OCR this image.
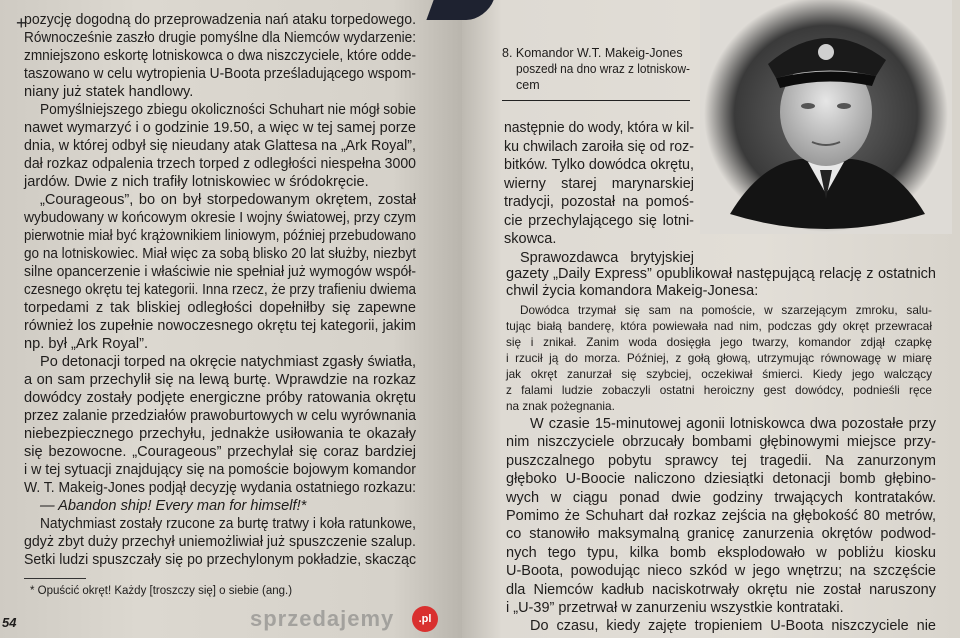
+
pozycję dogodną do przeprowadzenia nań ataku torpedowego.
Równocześnie zaszło drugie pomyślne dla Niemców wydarzenie:
zmniejszono eskortę lotniskowca o dwa niszczyciele, które odde-
taszowano w celu wytropienia U-Boota prześladującego wspom-
niany już statek handlowy.
Pomyślniejszego zbiegu okoliczności Schuhart nie mógł sobie
nawet wymarzyć i o godzinie 19.50, a więc w tej samej porze
dnia, w której odbył się nieudany atak Glattesa na „Ark Royal”,
dał rozkaz odpalenia trzech torped z odległości niespełna 3000
jardów. Dwie z nich trafiły lotniskowiec w śródokręcie.
„Courageous”, bo on był storpedowanym okrętem, został
wybudowany w końcowym okresie I wojny światowej, przy czym
pierwotnie miał być krążownikiem liniowym, później przebudowano
go na lotniskowiec. Miał więc za sobą blisko 20 lat służby, niezbyt
silne opancerzenie i właściwie nie spełniał już wymogów współ-
czesnego okrętu tej kategorii. Inna rzecz, że przy trafieniu dwiema
torpedami z tak bliskiej odległości dopełniłby się zapewne
również los zupełnie nowoczesnego okrętu tej kategorii, jakim
np. był „Ark Royal”.
Po detonacji torped na okręcie natychmiast zgasły światła,
a on sam przechylił się na lewą burtę. Wprawdzie na rozkaz
dowódcy zostały podjęte energiczne próby ratowania okrętu
przez zalanie przedziałów prawoburtowych w celu wyrównania
niebezpiecznego przechyłu, jednakże usiłowania te okazały
się bezowocne. „Courageous” przechylał się coraz bardziej
i w tej sytuacji znajdujący się na pomoście bojowym komandor
W. T. Makeig-Jones podjął decyzję wydania ostatniego rozkazu:
— Abandon ship! Every man for himself!*
Natychmiast zostały rzucone za burtę tratwy i koła ratunkowe,
gdyż zbyt duży przechył uniemożliwiał już spuszczenie szalup.
Setki ludzi spuszczały się po przechylonym pokładzie, skacząc
* Opuścić okręt! Każdy [troszczy się] o siebie (ang.)
54	sprzedajemy	.pl
8. Komandor W.T. Makeig-Jones
poszedł na dno wraz z lotniskow-
cem
następnie do wody, która w kil-
ku chwilach zaroiła się od roz-
bitków. Tylko dowódca okrętu,
wierny starej marynarskiej
tradycji, pozostał na pomoś-
cie przechylającego się lotni-
skowca.
Sprawozdawca brytyjskiej
gazety „Daily Express” opublikował następującą relację z ostatnich
chwil życia komandora Makeig-Jonesa:
Dowódca trzymał się sam na pomoście, w szarzejącym zmroku, salu-
tując białą banderę, która powiewała nad nim, podczas gdy okręt przewracał
się i znikał. Zanim woda dosięgła jego twarzy, komandor zdjął czapkę
i rzucił ją do morza. Później, z gołą głową, utrzymując równowagę w miarę
jak okręt zanurzał się szybciej, oczekiwał śmierci. Kiedy jego walczący
z falami ludzie zobaczyli ostatni heroiczny gest dowódcy, podnieśli ręce
na znak pożegnania.
W czasie 15-minutowej agonii lotniskowca dwa pozostałe przy
nim niszczyciele obrzucały bombami głębinowymi miejsce przy-
puszczalnego pobytu sprawcy tej tragedii. Na zanurzonym
głęboko U-Boocie naliczono dziesiątki detonacji bomb głębino-
wych w ciągu ponad dwie godziny trwających kontrataków.
Pomimo że Schuhart dał rozkaz zejścia na głębokość 80 metrów,
co stanowiło maksymalną granicę zanurzenia okrętów podwod-
nych tego typu, kilka bomb eksplodowało w pobliżu kiosku
U-Boota, powodując nieco szkód w jego wnętrzu; na szczęście
dla Niemców kadłub naciskotrwały okrętu nie został naruszony
i „U-39” przetrwał w zanurzeniu wszystkie kontrataki.
Do czasu, kiedy zajęte tropieniem U-Boota niszczyciele nie
